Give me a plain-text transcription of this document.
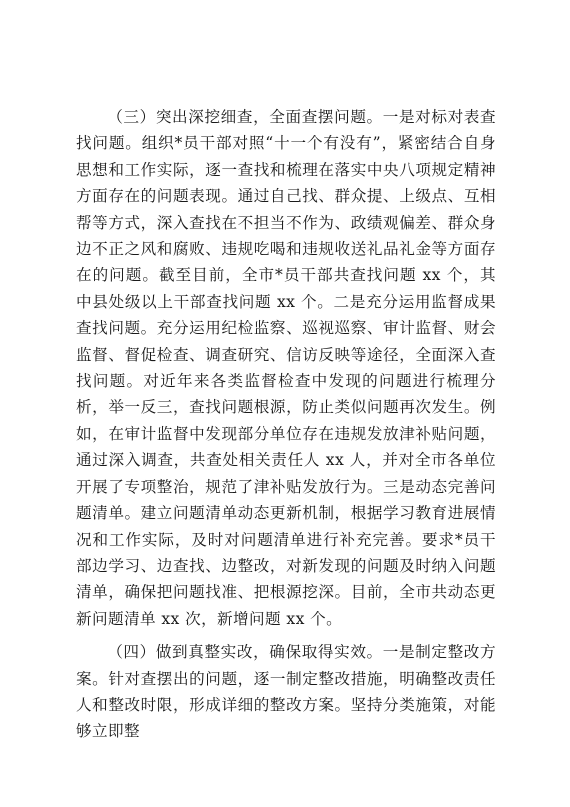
（三）突出深挖细查，全面查摆问题。一是对标对表查找问题。组织*员干部对照“十一个有没有”，紧密结合自身思想和工作实际，逐一查找和梳理在落实中央八项规定精神方面存在的问题表现。通过自己找、群众提、上级点、互相帮等方式，深入查找在不担当不作为、政绩观偏差、群众身边不正之风和腐败、违规吃喝和违规收送礼品礼金等方面存在的问题。截至目前，全市*员干部共查找问题 xx 个，其中县处级以上干部查找问题 xx 个。二是充分运用监督成果查找问题。充分运用纪检监察、巡视巡察、审计监督、财会监督、督促检查、调查研究、信访反映等途径，全面深入查找问题。对近年来各类监督检查中发现的问题进行梳理分析，举一反三，查找问题根源，防止类似问题再次发生。例如，在审计监督中发现部分单位存在违规发放津补贴问题，通过深入调查，共查处相关责任人 xx 人，并对全市各单位开展了专项整治，规范了津补贴发放行为。三是动态完善问题清单。建立问题清单动态更新机制，根据学习教育进展情况和工作实际，及时对问题清单进行补充完善。要求*员干部边学习、边查找、边整改，对新发现的问题及时纳入问题清单，确保把问题找准、把根源挖深。目前，全市共动态更新问题清单 xx 次，新增问题 xx 个。

（四）做到真整实改，确保取得实效。一是制定整改方案。针对查摆出的问题，逐一制定整改措施，明确整改责任人和整改时限，形成详细的整改方案。坚持分类施策，对能够立即整
